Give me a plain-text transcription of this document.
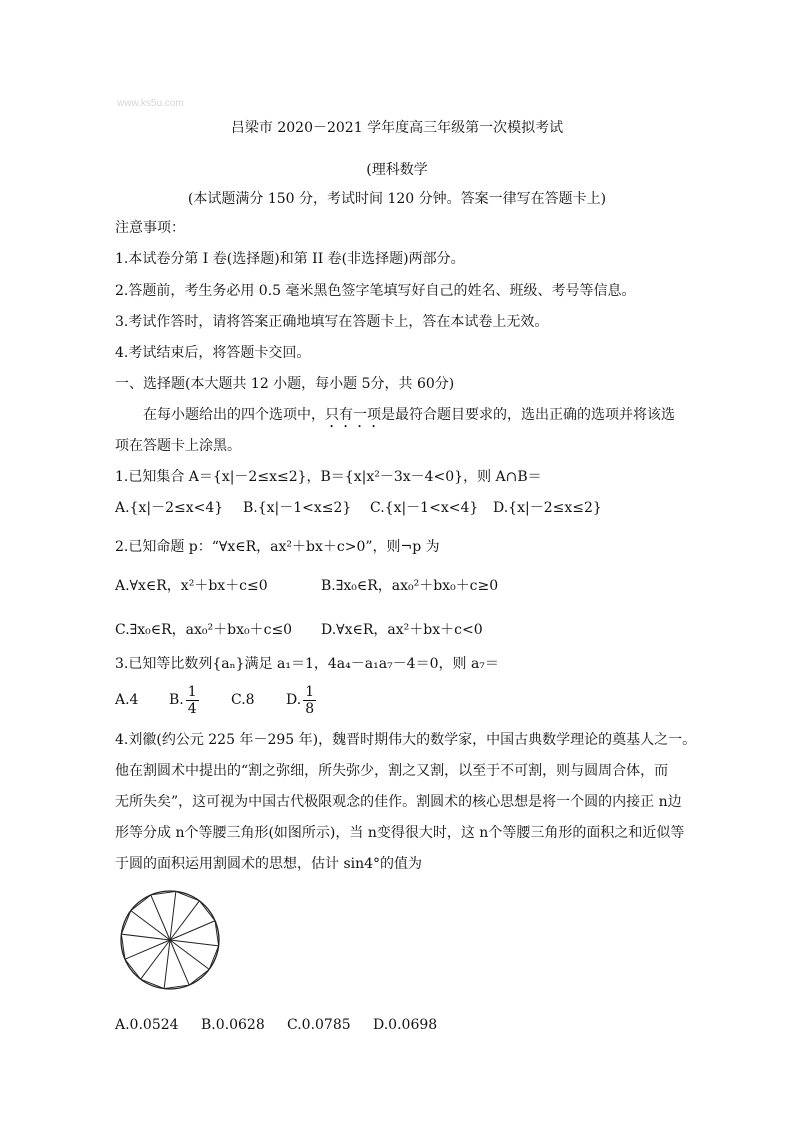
www.ks5u.com
吕梁市 2020－2021 学年度高三年级第一次模拟考试
(理科数学
(本试题满分 150 分，考试时间 120 分钟。答案一律写在答题卡上)
注意事项：
1.本试卷分第 I 卷(选择题)和第 II 卷(非选择题)两部分。
2.答题前，考生务必用 0.5 毫米黑色签字笔填写好自己的姓名、班级、考号等信息。
3.考试作答时，请将答案正确地填写在答题卡上，答在本试卷上无效。
4.考试结束后，将答题卡交回。
一、选择题(本大题共 12 小题，每小题 5分，共 60分)
在每小题给出的四个选项中，只有一项是最符合题目要求的，选出正确的选项并将该选
项在答题卡上涂黑。
1.已知集合 A＝{x|－2≤x≤2}，B＝{x|x²－3x－4<0}，则 A∩B＝
A.{x|－2≤x<4} B.{x|－1<x≤2} C.{x|－1<x<4} D.{x|－2≤x≤2}
2.已知命题 p：“∀x∈R，ax²＋bx＋c>0”，则¬p 为
A.∀x∈R，x²＋bx＋c≤0	B.∃x₀∈R，ax₀²＋bx₀＋c≥0
C.∃x₀∈R，ax₀²＋bx₀＋c≤0 D.∀x∈R，ax²＋bx＋c<0
3.已知等比数列{aₙ}满足 a₁＝1，4a₄－a₁a₇－4＝0，则 a₇＝
A.4 B. $\frac{1}{4} C.8$ D. $\frac{1}{8}$
4.刘徽(约公元 225 年－295 年)，魏晋时期伟大的数学家，中国古典数学理论的奠基人之一。
他在割圆术中提出的“割之弥细，所失弥少，割之又割，以至于不可割，则与圆周合体，而
无所失矣”，这可视为中国古代极限观念的佳作。割圆术的核心思想是将一个圆的内接正 n边
形等分成 n个等腰三角形(如图所示)，当 n变得很大时，这 n个等腰三角形的面积之和近似等
于圆的面积运用割圆术的思想，估计 sin4°的值为
A.0.0524 B.0.0628 C.0.0785 D.0.0698
